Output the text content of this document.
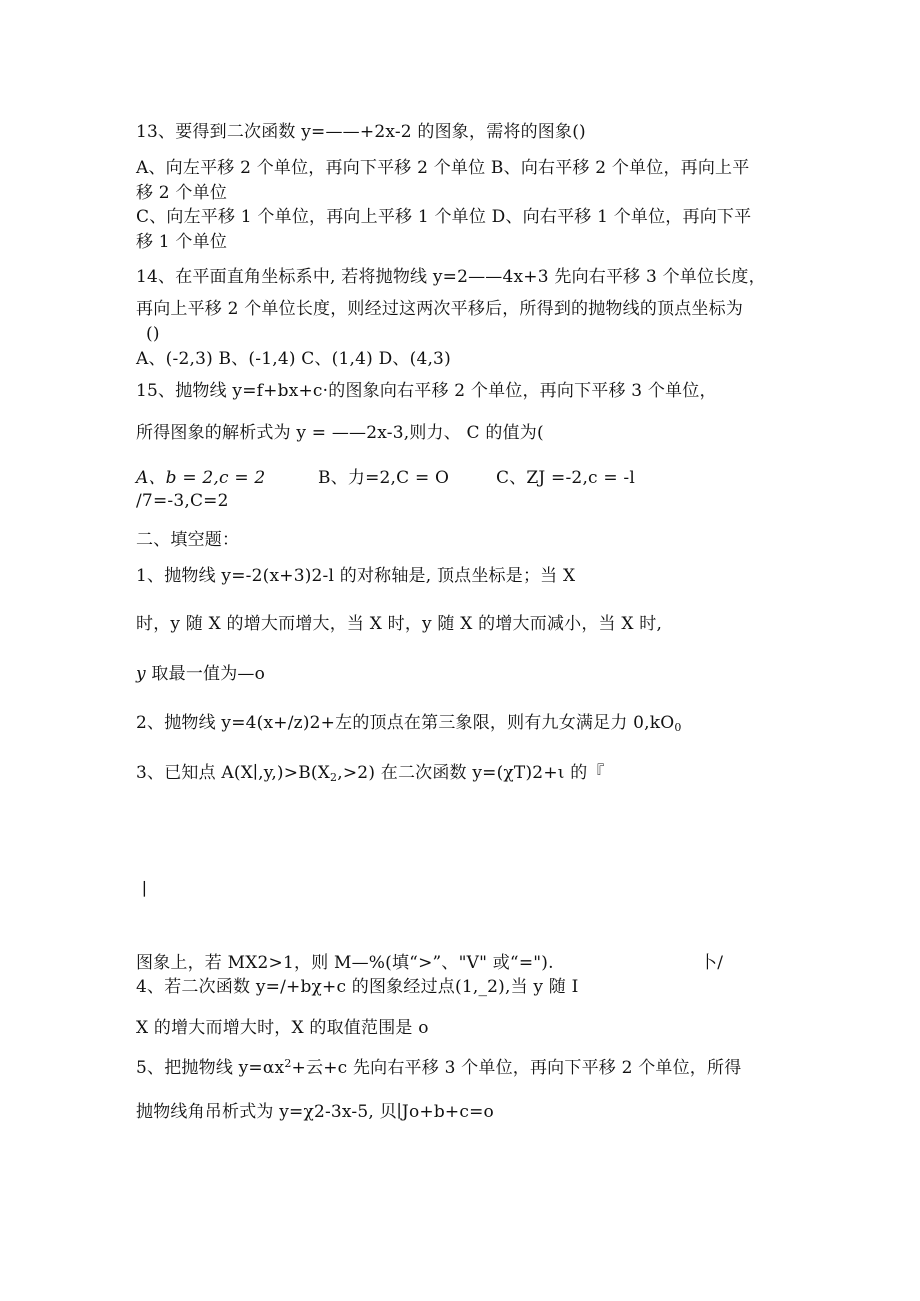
13、要得到二次函数 y=——+2x-2 的图象，需将的图象()
A、向左平移 2 个单位，再向下平移 2 个单位 B、向右平移 2 个单位，再向上平
移 2 个单位
C、向左平移 1 个单位，再向上平移 1 个单位 D、向右平移 1 个单位，再向下平
移 1 个单位
14、在平面直角坐标系中, 若将抛物线 y=2——4x+3 先向右平移 3 个单位长度，
再向上平移 2 个单位长度，则经过这两次平移后，所得到的抛物线的顶点坐标为
()
A、(-2,3) B、(-1,4) C、(1,4) D、(4,3)
15、抛物线 y=f+bx+c·的图象向右平移 2 个单位，再向下平移 3 个单位，
所得图象的解析式为 y = ——2x-3,则力、 C 的值为(
A、b = 2,c = 2	B、力=2,C = O	C、ZJ =-2,c = -l
∕7=-3,C=2
二、填空题：
1、抛物线 y=-2(x+3)2-l 的对称轴是, 顶点坐标是；当 X
时，y 随 X 的增大而增大，当 X 时，y 随 X 的增大而减小，当 X 时,
y 取最一值为—o
2、抛物线 y=4(x+∕z)2+左的顶点在第三象限，则有九女满足力 $0,kO_0$
3、已知点 $A(X∣,y,)>B(X_2,>2)$ 在二次函数 y=(χT)2+ι 的『
∣
图象上，若 MX2>1，则 M—%(填“>”、"V" 或“=").	卜/
4、若二次函数 y=∕+bχ+c 的图象经过点(1,_2),当 y 随 I
X 的增大而增大时，X 的取值范围是 o
5、把抛物线 $y=\alpha x^2+$云+c 先向右平移 3 个单位，再向下平移 2 个单位，所得
抛物线角吊析式为 y=χ2-3x-5, 贝∣Jo+b+c=o
